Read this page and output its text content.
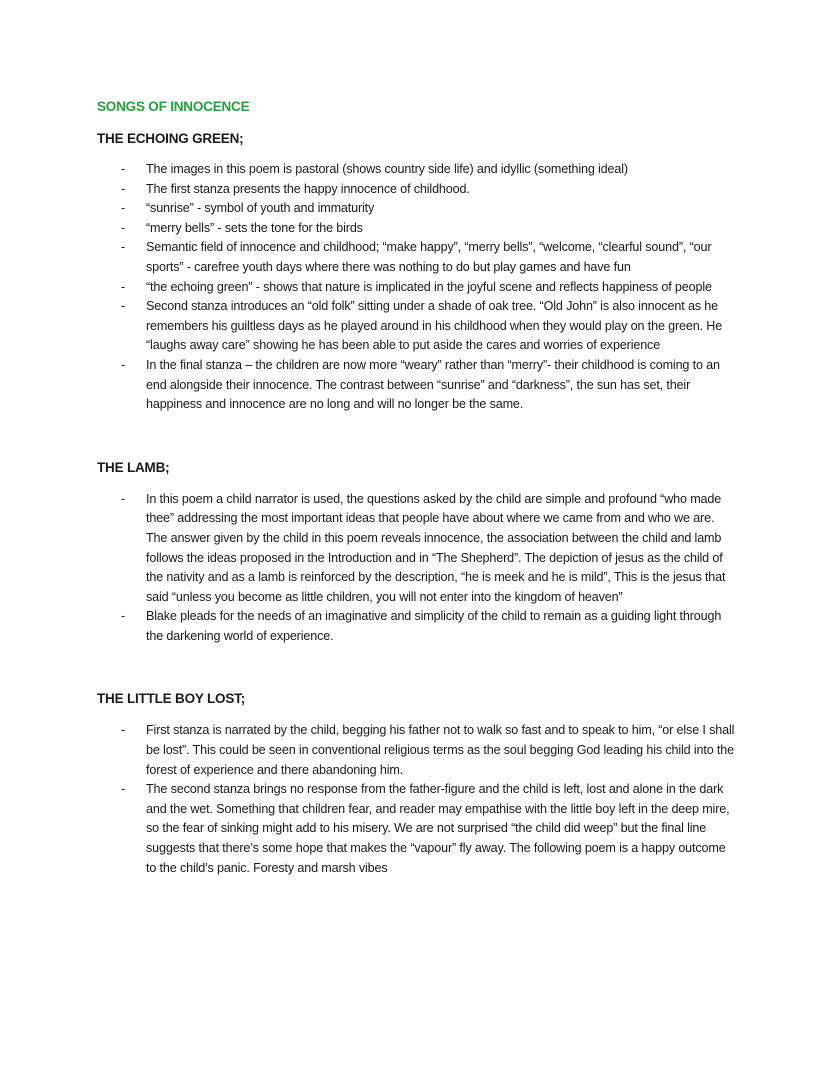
SONGS OF INNOCENCE
THE ECHOING GREEN;
- The images in this poem is pastoral (shows country side life) and idyllic (something ideal)
- The first stanza presents the happy innocence of childhood.
- “sunrise” - symbol of youth and immaturity
- “merry bells” - sets the tone for the birds
- Semantic field of innocence and childhood; “make happy”, “merry bells”, “welcome, “clearful sound”, “our sports” - carefree youth days where there was nothing to do but play games and have fun
- “the echoing green” - shows that nature is implicated in the joyful scene and reflects happiness of people
- Second stanza introduces an “old folk” sitting under a shade of oak tree. “Old John” is also innocent as he remembers his guiltless days as he played around in his childhood when they would play on the green. He “laughs away care” showing he has been able to put aside the cares and worries of experience
- In the final stanza – the children are now more “weary” rather than “merry”- their childhood is coming to an end alongside their innocence. The contrast between “sunrise” and “darkness”, the sun has set, their happiness and innocence are no long and will no longer be the same.
THE LAMB;
- In this poem a child narrator is used, the questions asked by the child are simple and profound “who made thee” addressing the most important ideas that people have about where we came from and who we are. The answer given by the child in this poem reveals innocence, the association between the child and lamb follows the ideas proposed in the Introduction and in “The Shepherd”. The depiction of jesus as the child of the nativity and as a lamb is reinforced by the description, “he is meek and he is mild”, This is the jesus that said “unless you become as little children, you will not enter into the kingdom of heaven”
- Blake pleads for the needs of an imaginative and simplicity of the child to remain as a guiding light through the darkening world of experience.
THE LITTLE BOY LOST;
- First stanza is narrated by the child, begging his father not to walk so fast and to speak to him, “or else I shall be lost”. This could be seen in conventional religious terms as the soul begging God leading his child into the forest of experience and there abandoning him.
- The second stanza brings no response from the father-figure and the child is left, lost and alone in the dark and the wet. Something that children fear, and reader may empathise with the little boy left in the deep mire, so the fear of sinking might add to his misery. We are not surprised “the child did weep” but the final line suggests that there’s some hope that makes the “vapour” fly away. The following poem is a happy outcome to the child’s panic. Foresty and marsh vibes
